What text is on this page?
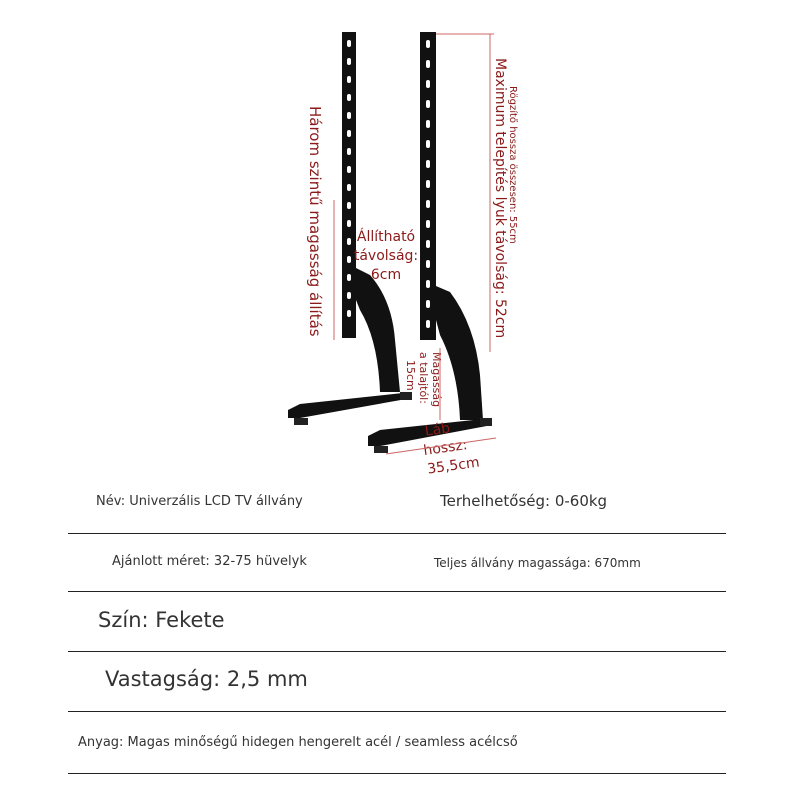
Három szintű magasság állítás Állítható
távolság:
6cm
Rögzítő hossza összesen: 55cm
Maximum telepítés lyuk távolság: 52cm
Magasság
a talajtól:
15cm
Láb
hossz:
35,5cm
Név: Univerzális LCD TV állvány	Terhelhetőség: 0-60kg
Ajánlott méret: 32-75 hüvelyk	Teljes állvány magassága: 670mm
Szín: Fekete
Vastagság: 2,5 mm
Anyag: Magas minőségű hidegen hengerelt acél / seamless acélcső
